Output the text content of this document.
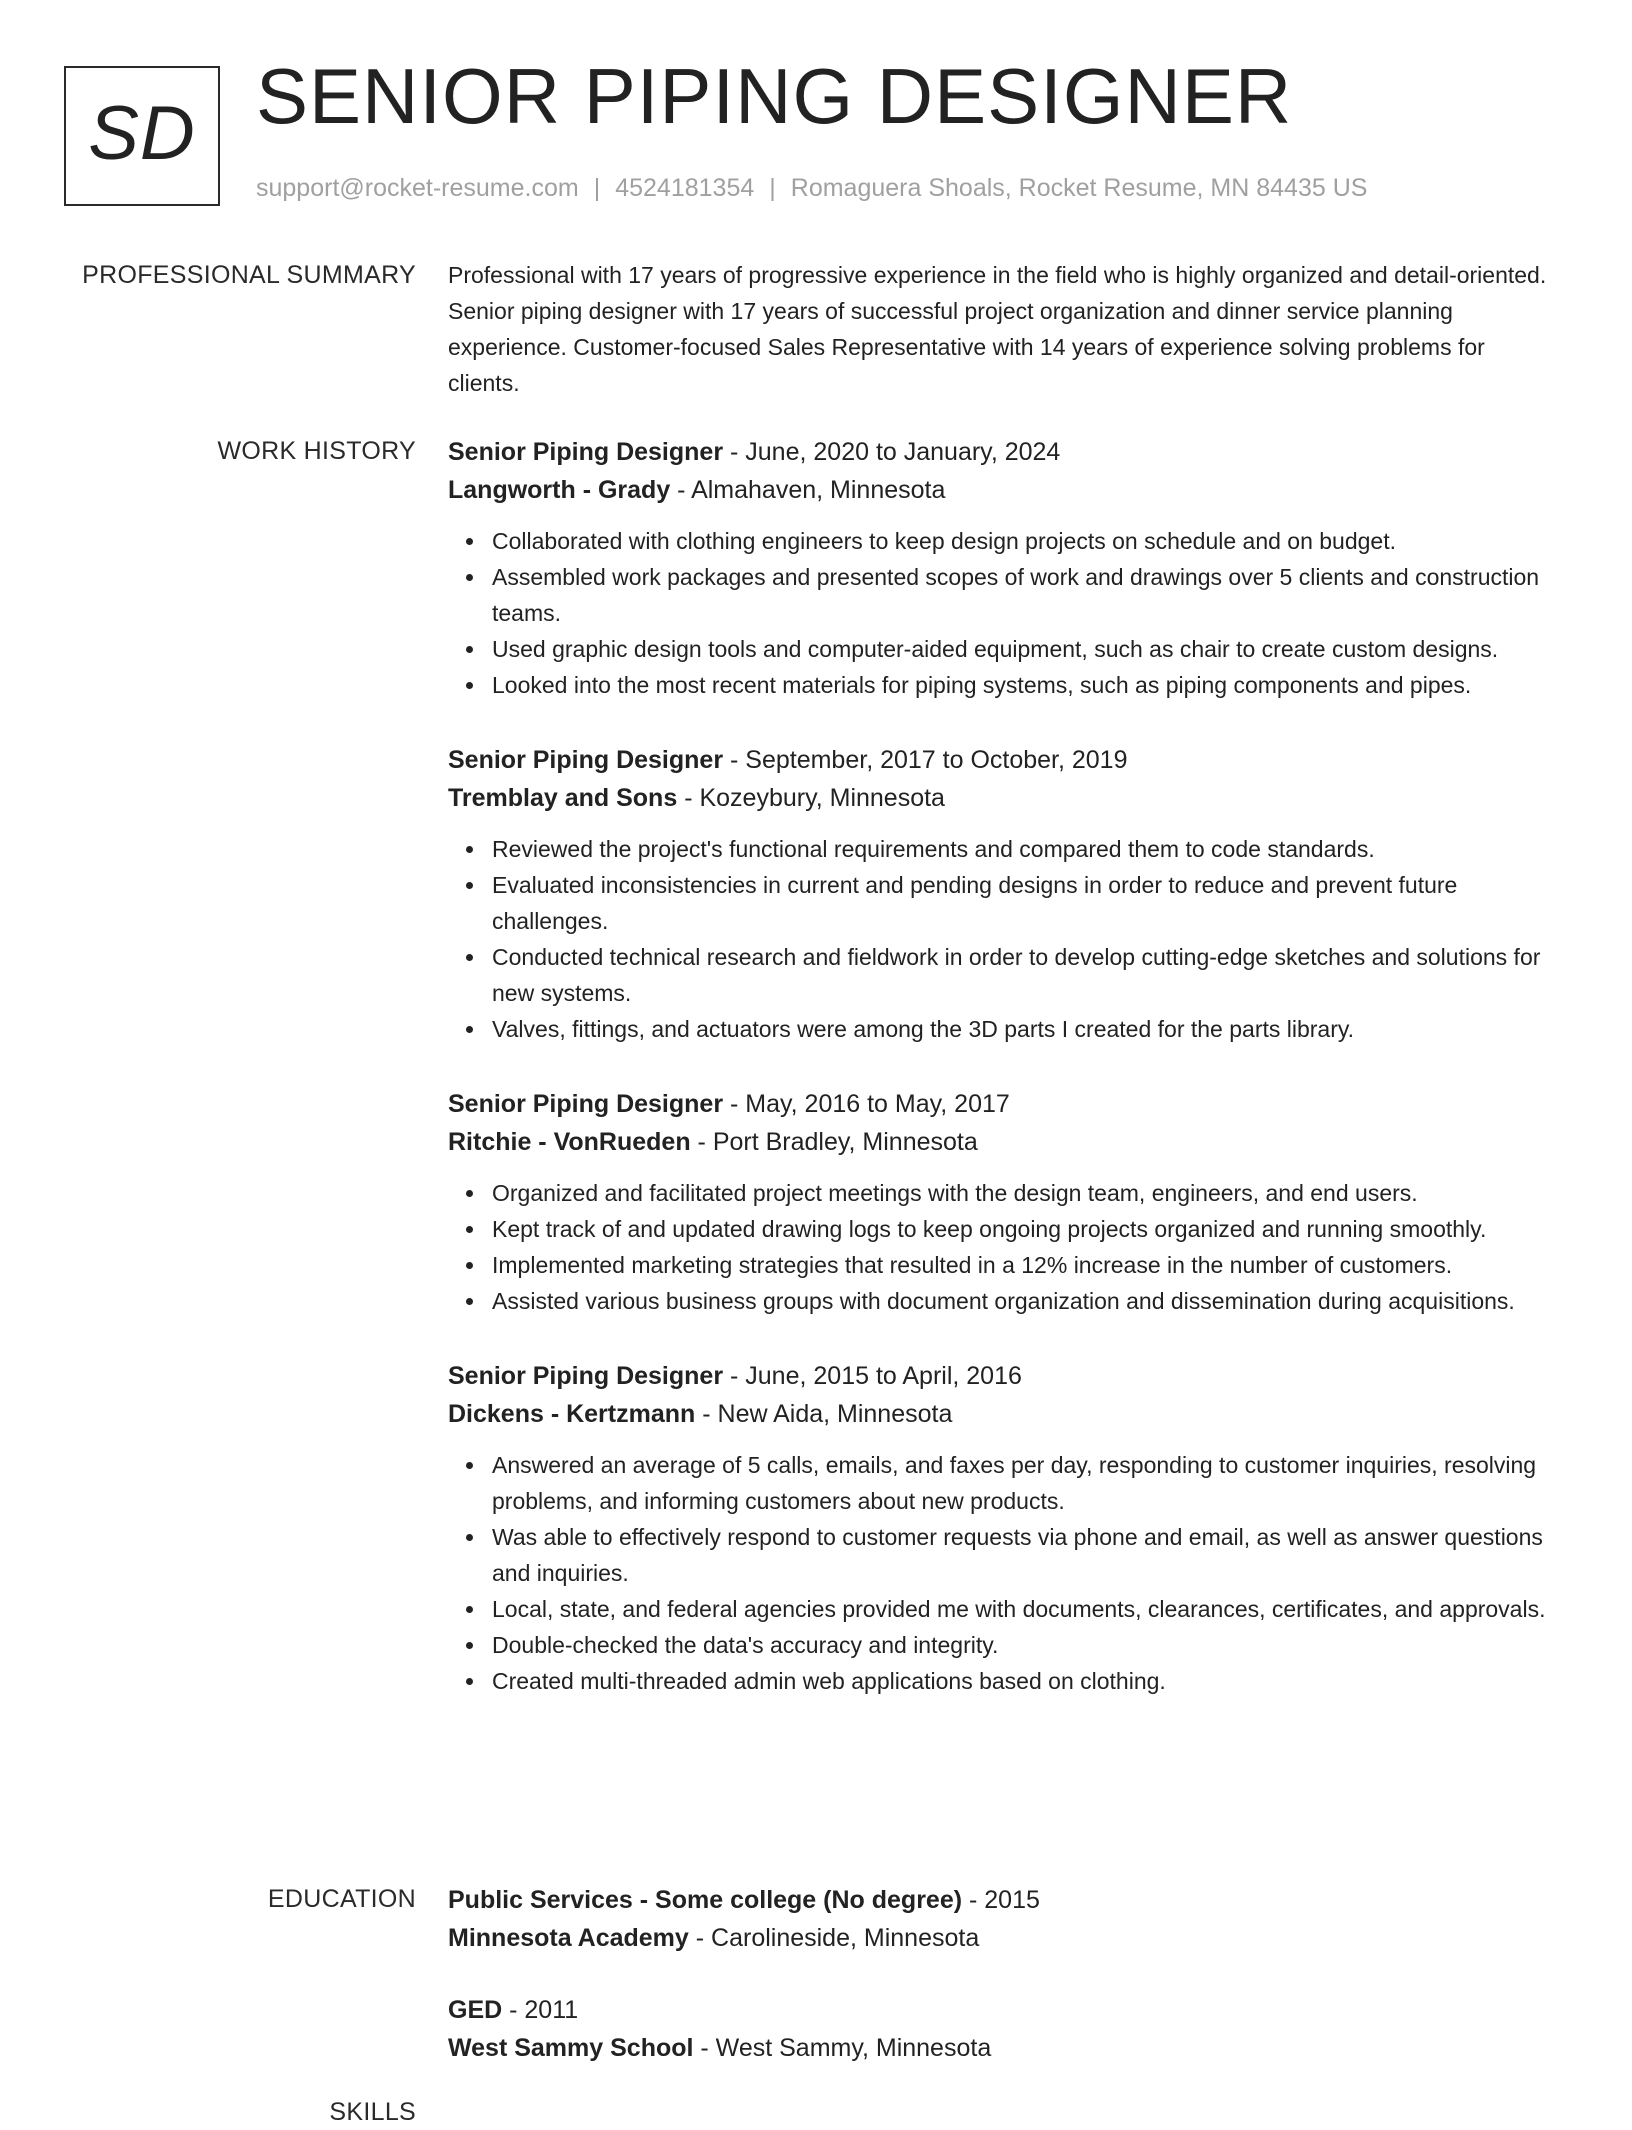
SD SENIOR PIPING DESIGNER
support@rocket-resume.com | 4524181354 | Romaguera Shoals, Rocket Resume, MN 84435 US
PROFESSIONAL SUMMARY Professional with 17 years of progressive experience in the field who is highly organized and detail-oriented. Senior piping designer with 17 years of successful project organization and dinner service planning experience. Customer-focused Sales Representative with 14 years of experience solving problems for clients.

WORK HISTORY Senior Piping Designer - June, 2020 to January, 2024
Langworth - Grady - Almahaven, Minnesota
Collaborated with clothing engineers to keep design projects on schedule and on budget.
Assembled work packages and presented scopes of work and drawings over 5 clients and construction teams.
Used graphic design tools and computer-aided equipment, such as chair to create custom designs.
Looked into the most recent materials for piping systems, such as piping components and pipes.
Senior Piping Designer - September, 2017 to October, 2019
Tremblay and Sons - Kozeybury, Minnesota
Reviewed the project's functional requirements and compared them to code standards.
Evaluated inconsistencies in current and pending designs in order to reduce and prevent future challenges.
Conducted technical research and fieldwork in order to develop cutting-edge sketches and solutions for new systems.
Valves, fittings, and actuators were among the 3D parts I created for the parts library.
Senior Piping Designer - May, 2016 to May, 2017
Ritchie - VonRueden - Port Bradley, Minnesota
Organized and facilitated project meetings with the design team, engineers, and end users.
Kept track of and updated drawing logs to keep ongoing projects organized and running smoothly.
Implemented marketing strategies that resulted in a 12% increase in the number of customers.
Assisted various business groups with document organization and dissemination during acquisitions.
Senior Piping Designer - June, 2015 to April, 2016
Dickens - Kertzmann - New Aida, Minnesota
Answered an average of 5 calls, emails, and faxes per day, responding to customer inquiries, resolving problems, and informing customers about new products.
Was able to effectively respond to customer requests via phone and email, as well as answer questions and inquiries.
Local, state, and federal agencies provided me with documents, clearances, certificates, and approvals.
Double-checked the data's accuracy and integrity.
Created multi-threaded admin web applications based on clothing.
EDUCATION Public Services - Some college (No degree) - 2015
Minnesota Academy - Carolineside, Minnesota
GED - 2011
West Sammy School - West Sammy, Minnesota
SKILLS
